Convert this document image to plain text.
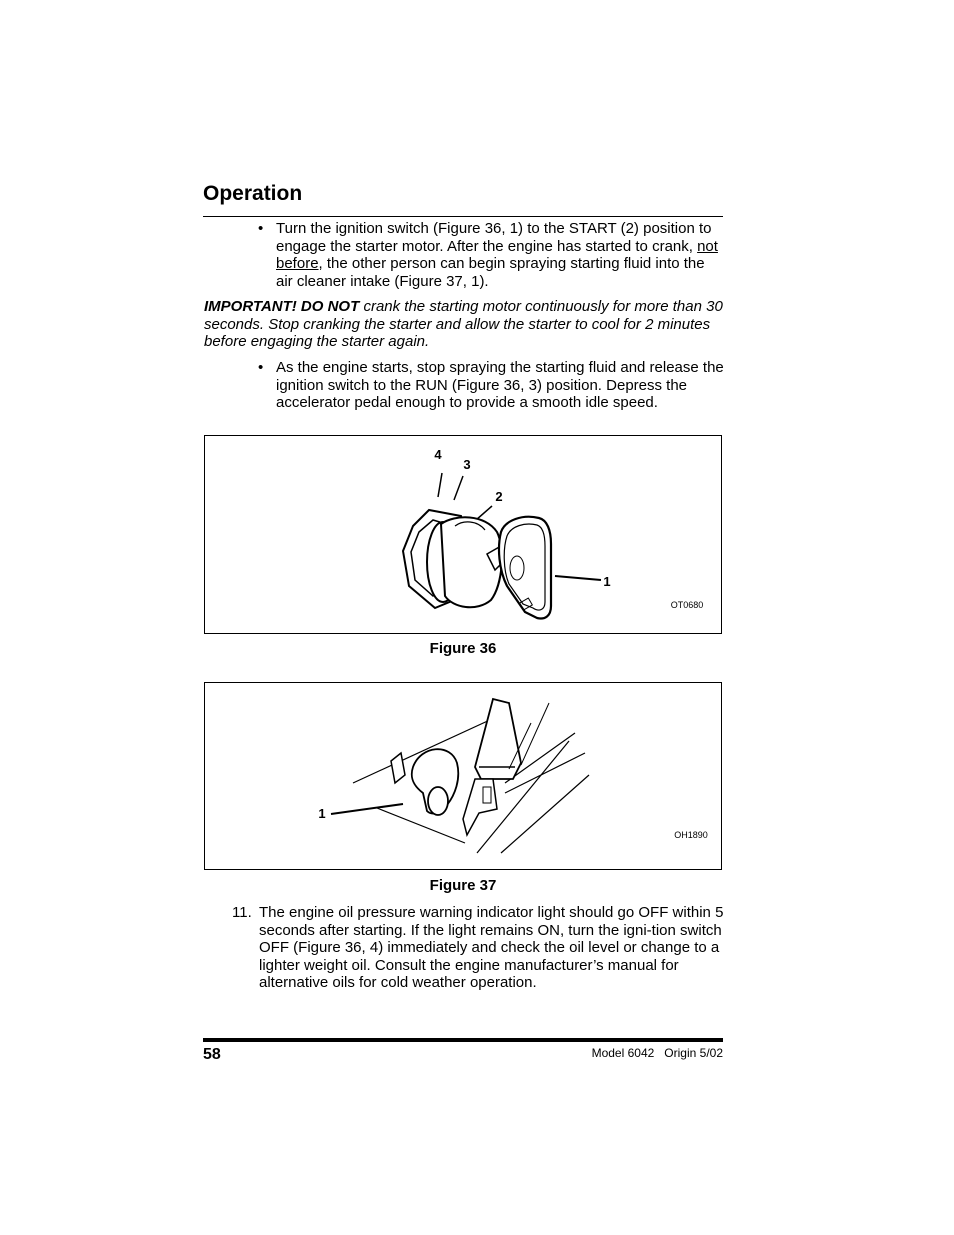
Operation
• Turn the ignition switch (Figure 36, 1) to the START (2) position to engage the starter motor. After the engine has started to crank, not before, the other person can begin spraying starting fluid into the air cleaner intake (Figure 37, 1).
IMPORTANT! DO NOT crank the starting motor continuously for more than 30 seconds. Stop cranking the starter and allow the starter to cool for 2 minutes before engaging the starter again.
• As the engine starts, stop spraying the starting fluid and release the ignition switch to the RUN (Figure 36, 3) position. Depress the accelerator pedal enough to provide a smooth idle speed.
4
3
2
1
OT0680
Figure 36
1
OH1890
Figure 37
11. The engine oil pressure warning indicator light should go OFF within 5 seconds after starting. If the light remains ON, turn the igni-tion switch OFF (Figure 36, 4) immediately and check the oil level or change to a lighter weight oil. Consult the engine manufacturer’s manual for alternative oils for cold weather operation.
58	Model 6042 Origin 5/02
